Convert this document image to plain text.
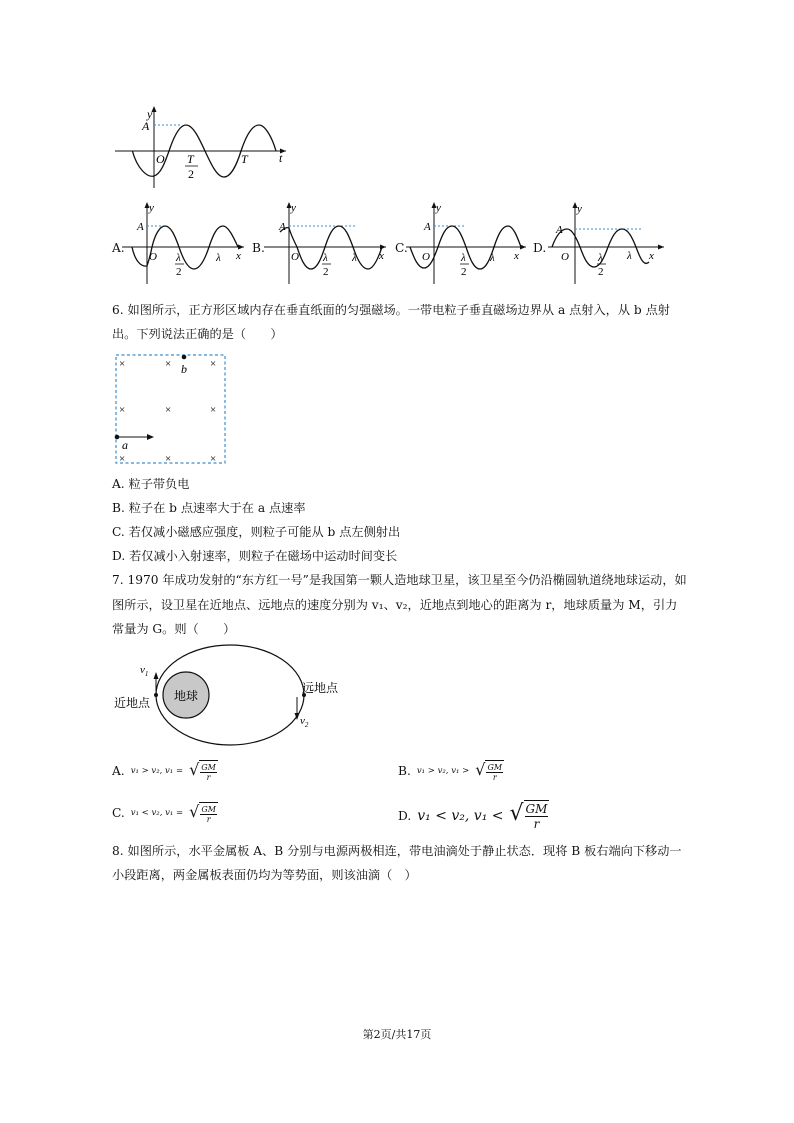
y
A
O T
2
T	t
A.
y
A
O λ
2
λ x
B.
y
A
O λ
2
λ x
C.
y
A
O	λ
2
λ x
D.
y
A
O	λ
2
λ x
6. 如图所示，正方形区域内存在垂直纸面的匀强磁场。一带电粒子垂直磁场边界从 a 点射入，从 b 点射
出。下列说法正确的是（　　）
×	×	×
×	×	×
×	×	×
b
a
A. 粒子带负电
B. 粒子在 b 点速率大于在 a 点速率
C. 若仅减小磁感应强度，则粒子可能从 b 点左侧射出
D. 若仅减小入射速率，则粒子在磁场中运动时间变长
7. 1970 年成功发射的“东方红一号”是我国第一颗人造地球卫星，该卫星至今仍沿椭圆轨道绕地球运动，如
图所示，设卫星在近地点、远地点的速度分别为 v₁、v₂，近地点到地心的距离为 r，地球质量为 M，引力
常量为 G。则（　　）
地球
$v_1$
近地点
$v_2$
远地点
A. v₁ > v₂, v₁ = √ $\frac{GM}{r}$	B. v₁ > v₂, v₁ > √ $\frac{GM}{r}$
C. v₁ < v₂, v₁ = √ $\frac{GM}{r}$	D. v₁ < v₂, v₁ < √ $\frac{GM}{r}$
8. 如图所示，水平金属板 A、B 分别与电源两极相连，带电油滴处于静止状态．现将 B 板右端向下移动一
小段距离，两金属板表面仍均为等势面，则该油滴（　）
第2页/共17页
